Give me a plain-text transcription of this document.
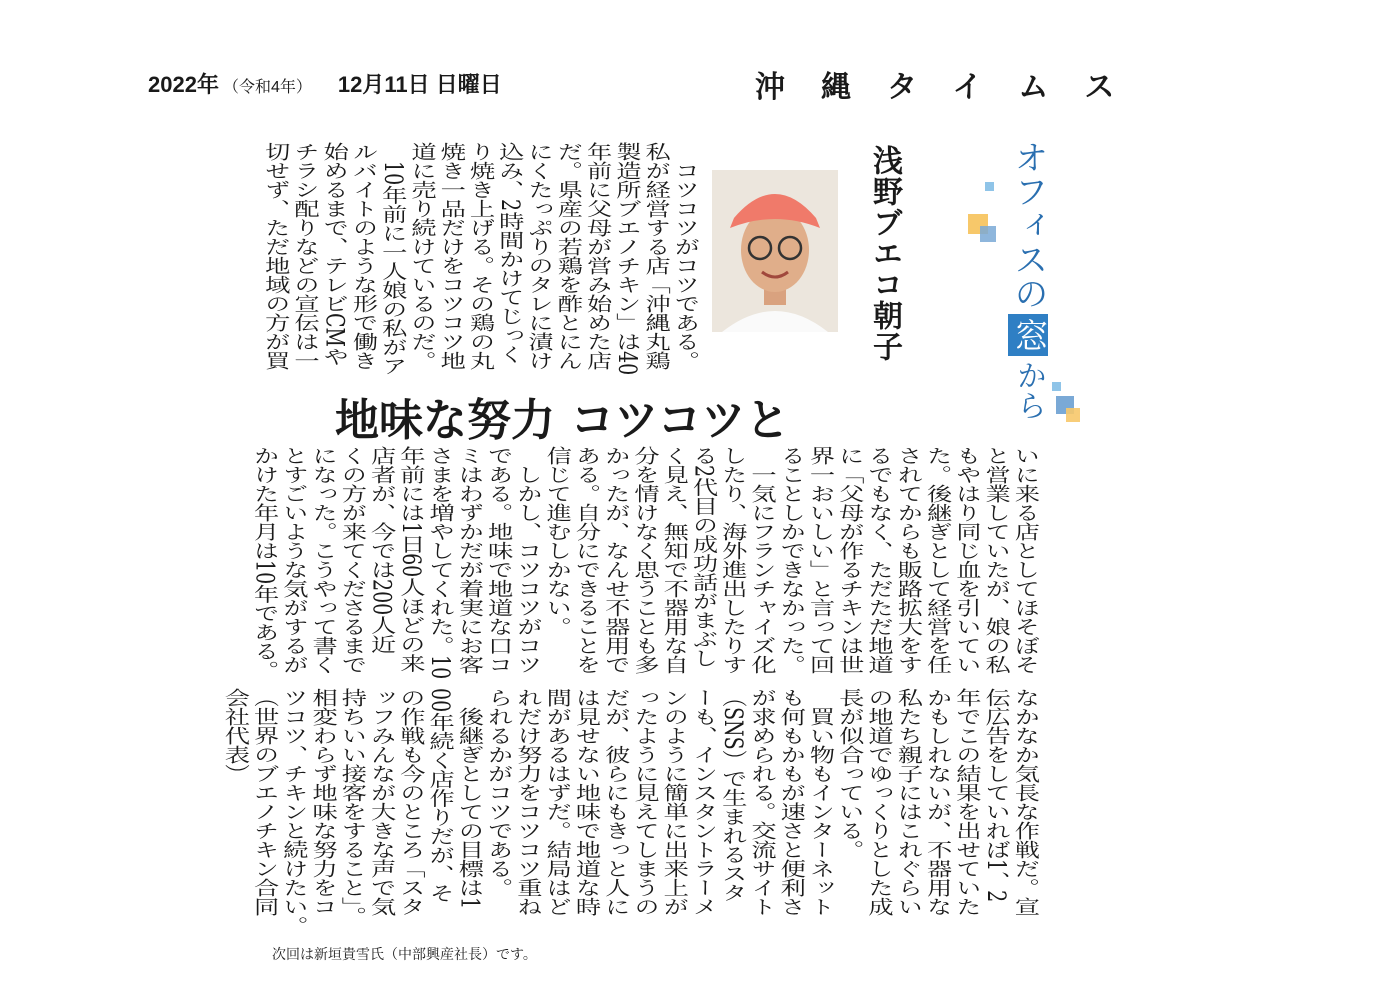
2022年 （令和4年） 12月11日 日曜日	沖縄タイムス
オフィスの窓から
浅野ブエコ朝子
　コツコツがコツである。
私が経営する店「沖縄丸鶏
製造所ブエノチキン」は40
年前に父母が営み始めた店
だ。県産の若鶏を酢とにん
にくたっぷりのタレに漬け
込み、2時間かけてじっく
り焼き上げる。その鶏の丸
焼き一品だけをコツコツ地
道に売り続けているのだ。
　10年前に一人娘の私がア
ルバイトのような形で働き
始めるまで、テレビCMや
チラシ配りなどの宣伝は一
切せず、ただ地域の方が買
地味な努力 コツコツと
いに来る店としてほそぼそ
と営業していたが、娘の私
もやはり同じ血を引いてい
た。後継ぎとして経営を任
されてからも販路拡大をす
るでもなく、ただただ地道
に「父母が作るチキンは世
界一おいしい」と言って回
ることしかできなかった。
　一気にフランチャイズ化
したり、海外進出したりす
る2代目の成功話がまぶし
く見え、無知で不器用な自
分を情けなく思うことも多
かったが、なんせ不器用で
ある。自分にできることを
信じて進むしかない。
　しかし、コツコツがコツ
である。地味で地道な口コ
ミはわずかだが着実にお客
さまを増やしてくれた。10
年前には1日60人ほどの来
店者が、今では200人近
くの方が来てくださるまで
になった。こうやって書く
とすごいような気がするが
かけた年月は10年である。
なかなか気長な作戦だ。宣
伝広告をしていれば1、2
年でこの結果を出せていた
かもしれないが、不器用な
私たち親子にはこれぐらい
の地道でゆっくりとした成
長が似合っている。
　買い物もインターネット
も何もかもが速さと便利さ
が求められる。交流サイト
（SNS）で生まれるスタ
ーも、インスタントラーメ
ンのように簡単に出来上が
ったように見えてしまうの
だが、彼らにもきっと人に
は見せない地味で地道な時
間があるはずだ。結局はど
れだけ努力をコツコツ重ね
られるかがコツである。
　後継ぎとしての目標は1
00年続く店作りだが、そ
の作戦も今のところ「スタ
ッフみんなが大きな声で気
持ちいい接客をすること」。
相変わらず地味な努力をコ
ツコツ、チキンと続けたい。
（世界のブエノチキン合同
会社代表）
次回は新垣貴雪氏（中部興産社長）です。
